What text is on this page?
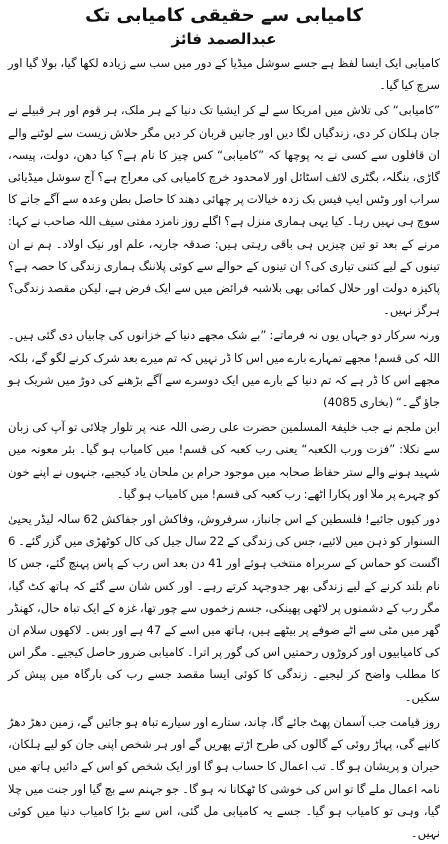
کامیابی سے حقیقی کامیابی تک
عبدالصمد فائز

کامیابی ایک ایسا لفظ ہے جسے سوشل میڈیا کے دور میں سب سے زیادہ لکھا گیا، بولا گیا اور سرچ کیا گیا۔

”کامیابی“ کی تلاش میں امریکا سے لے کر ایشیا تک دنیا کے ہر ملک، ہر قوم اور ہر قبیلے نے جان ہلکان کر دی، زندگیاں لگا دیں اور جانیں قربان کر دیں مگر حلاش زیست سے لوٹنے والے ان قافلوں سے کسی نے یہ پوچھا کہ ”کامیابی“ کس چیز کا نام ہے؟ کیا دھن، دولت، پیسہ، گاڑی، بنگلہ، بگٹری لائف اسٹائل اور لامحدود خرچ کامیابی کی معراج ہے؟ آج سوشل میڈیائی سراب اور وٹس ایپ فیس بک زدہ خیالات پر چھائی دھند کا حاصل بطن وعدہ سے آگے جانے کا سوچ ہی نہیں رہا۔ کیا یہی ہماری منزل ہے؟ اگلے روز نامزد مفتی سیف اللہ صاحب نے کہا: مرنے کے بعد تو تین چیزیں ہی باقی رہتی ہیں: صدقہ جاریہ، علم اور نیک اولاد۔ ہم نے ان تینوں کے لیے کتنی تیاری کی؟ ان تینوں کے حوالے سے کوئی پلاننگ ہماری زندگی کا حصہ ہے؟ پاکیزہ دولت اور حلال کمائی بھی بلاشبہ فرائض میں سے ایک فرض ہے، لیکن مقصد زندگی؟ ہرگز نہیں۔

ورنہ سرکار دو جہاں یوں نہ فرماتے: ”بے شک مجھے دنیا کے خزانوں کی چابیاں دی گئی ہیں۔ اللہ کی قسم! مجھے تمہارے بارے میں اس کا ڈر نہیں کہ تم میرے بعد شرک کرنے لگو گے، بلکہ مجھے اس کا ڈر ہے کہ تم دنیا کے بارے میں ایک دوسرے سے آگے بڑھنے کی دوڑ میں شریک ہو جاؤ گے۔“ (بخاری 4085)

ابن ملجم نے جب خلیفۃ المسلمین حضرت علی رضی اللہ عنہ پر تلوار چلائی تو آپ کی زبان سے نکلا: ”فزت ورب الکعبہ“ یعنی رب کعبہ کی قسم! میں کامیاب ہو گیا۔ بئر معونہ میں شہید ہونے والے ستر حفاظ صحابہ میں موجود حرام بن ملحان یاد کیجیے، جنہوں نے اپنے خون کو چہرے پر ملا اور پکارا اٹھے: رب کعبہ کی قسم! میں کامیاب ہو گیا۔

دور کیوں جائیے! فلسطین کے اس جانباز، سرفروش، وفاکش اور جفاکش 62 سالہ لیڈر یحییٰ السنوار کو ذہن میں لائیے، جس کی زندگی کے 22 سال جیل کی کال کوٹھڑی میں گزر گئے۔ 6 اگست کو حماس کے سربراہ منتخب ہوئے اور 41 دن بعد اس رب کے پاس پہنچ گئے، جس کا نام بلند کرنے کے لیے زندگی بھر جدوجہد کرتے رہے۔ اور کس شان سے گئے کہ ہاتھ کٹ گیا، مگر رب کے دشمنوں پر لاٹھی پھینکی، جسم زخموں سے چور تھا، غزہ کے ایک تباہ حال، کھنڈر گھر میں مٹی سے اٹے صوفے پر بیٹھے ہیں، ہاتھ میں اسے کے 47 ہے اور بس۔ لاکھوں سلام ان کی کامیابیوں اور کروڑوں رحمتیں اس کی گور پر اترا۔ کامیابی ضرور حاصل کیجیے۔ مگر اس کا مطلب واضح کر لیجیے۔ زندگی کا کوئی ایسا مقصد جسے رب کی بارگاہ میں پیش کر سکیں۔

روز قیامت جب آسمان پھٹ جائے گا، چاند، ستارے اور سیارے تباہ ہو جائیں گے، زمین دھڑ دھڑ کانپے گی، پہاڑ روئی کے گالوں کی طرح اڑتے پھریں گے اور ہر شخص اپنی جان کو لیے ہلکان، حیران و پریشان ہو گا۔ تب اعمال کا حساب ہو گا اور ایک شخص کو اس کے دائیں ہاتھ میں نامہ اعمال ملے گا تو اس کی خوشی کا ٹھکانا نہ ہو گا۔ جو جہنم سے بچ گیا اور جنت میں چلا گیا، وہی تو کامیاب ہو گیا۔ جسے یہ کامیابی مل گئی، اس سے بڑا کامیاب دنیا میں کوئی نہیں۔
